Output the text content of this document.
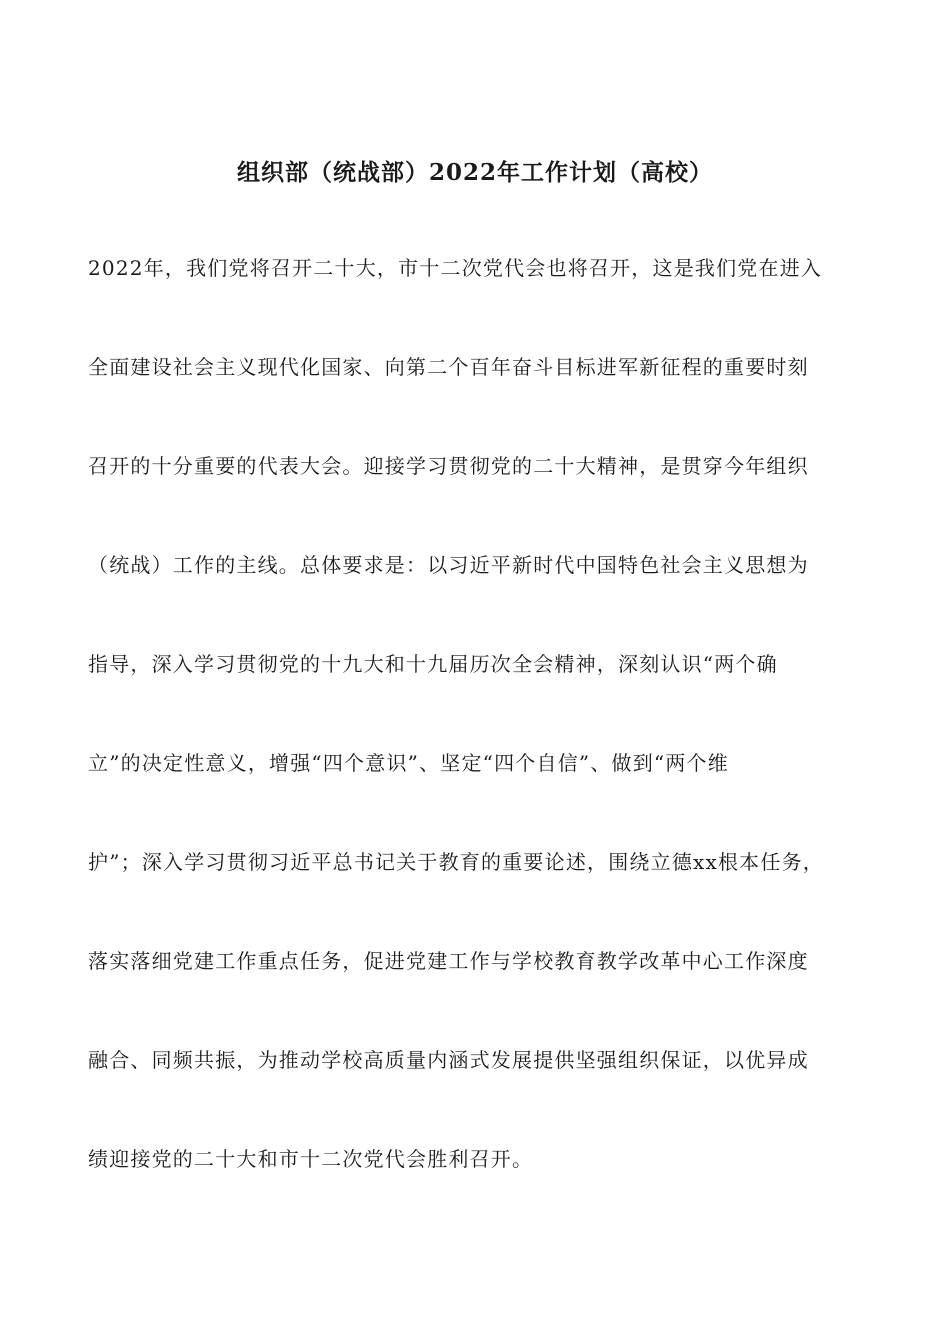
组织部（统战部）2022年工作计划（高校）
2022年，我们党将召开二十大，市十二次党代会也将召开，这是我们党在进入
全面建设社会主义现代化国家、向第二个百年奋斗目标进军新征程的重要时刻
召开的十分重要的代表大会。迎接学习贯彻党的二十大精神，是贯穿今年组织
（统战）工作的主线。总体要求是：以习近平新时代中国特色社会主义思想为
指导，深入学习贯彻党的十九大和十九届历次全会精神，深刻认识“两个确
立”的决定性意义，增强“四个意识”、坚定“四个自信”、做到“两个维
护”；深入学习贯彻习近平总书记关于教育的重要论述，围绕立德xx根本任务，
落实落细党建工作重点任务，促进党建工作与学校教育教学改革中心工作深度
融合、同频共振，为推动学校高质量内涵式发展提供坚强组织保证，以优异成
绩迎接党的二十大和市十二次党代会胜利召开。
